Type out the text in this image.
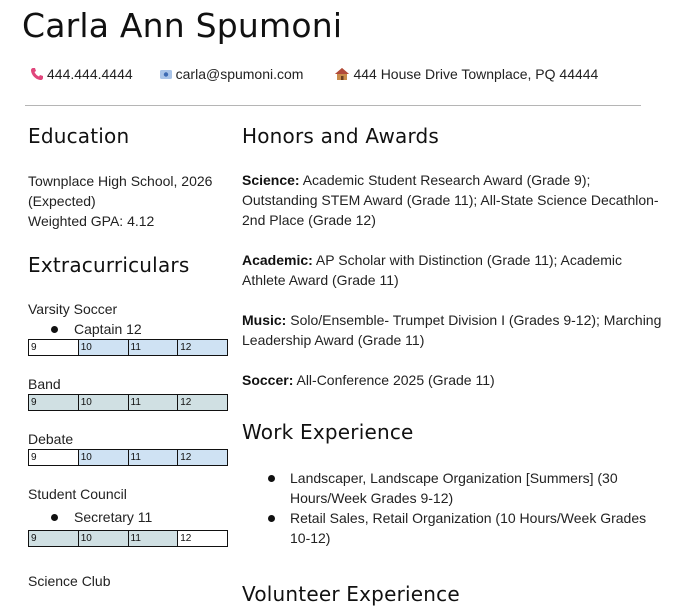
Carla Ann Spumoni
444.444.4444	carla@spumoni.com	444 House Drive Townplace, PQ 44444
Education
Townplace High School, 2026
(Expected)
Weighted GPA: 4.12
Extracurriculars
Varsity Soccer
Captain 12
9	10	11	12
Band
9	10	11	12
Debate
9	10	11	12
Student Council
Secretary 11
9	10	11	12
Science Club
Honors and Awards

Science: Academic Student Research Award (Grade 9); Outstanding STEM Award (Grade 11); All-State Science Decathlon- 2nd Place (Grade 12)

Academic: AP Scholar with Distinction (Grade 11); Academic Athlete Award (Grade 11)

Music: Solo/Ensemble- Trumpet Division I (Grades 9-12); Marching Leadership Award (Grade 11)

Soccer: All-Conference 2025 (Grade 11)

Work Experience
Landscaper, Landscape Organization [Summers] (30 Hours/Week Grades 9-12)
Retail Sales, Retail Organization (10 Hours/Week Grades 10-12)
Volunteer Experience
